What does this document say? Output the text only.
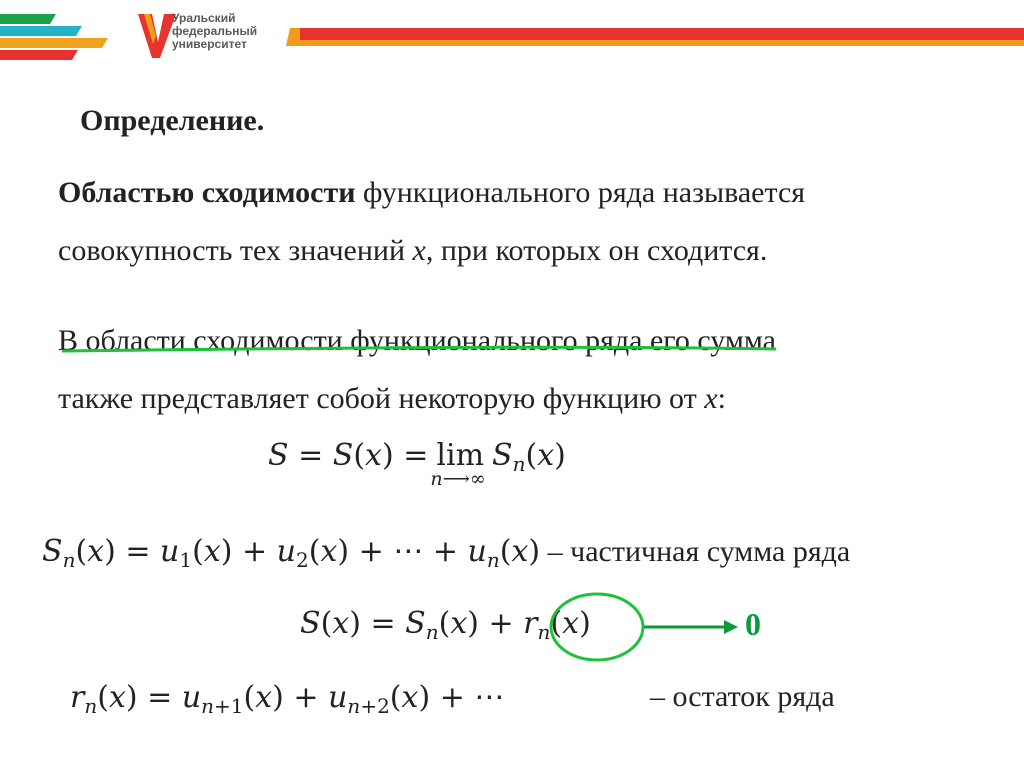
Уральский
федеральный
университет
Определение.
Областью сходимости функционального ряда называется
совокупность тех значений x, при которых он сходится.
В области сходимости функционального ряда его сумма
также представляет собой некоторую функцию от x:
S = S(x) = lim
n⟶∞
$S_n(x)$
$S_n(x) = u_1(x) + u_2(x)$ + ⋯ + $u_n(x)$ – частичная сумма ряда
$S(x) = S_n(x) + r_n(x)$	0
$r_n(x) = u_{n+1}(x) + u_{n+2}(x)$ + ⋯	– остаток ряда
